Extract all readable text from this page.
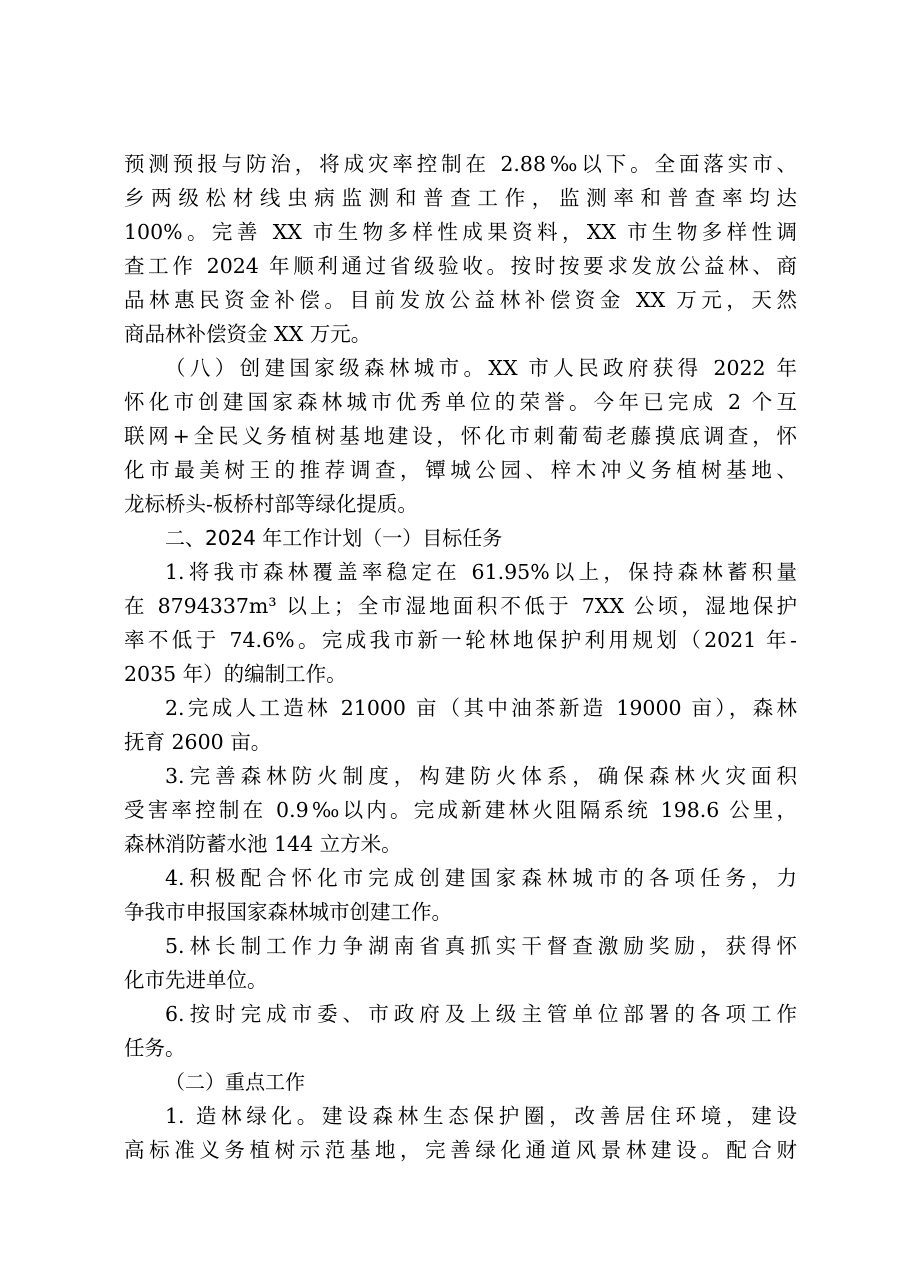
预测预报与防治，将成灾率控制在 2.88‰以下。全面落实市、
乡两级松材线虫病监测和普查工作，监测率和普查率均达
100%。完善 XX 市生物多样性成果资料，XX 市生物多样性调
查工作 2024 年顺利通过省级验收。按时按要求发放公益林、商
品林惠民资金补偿。目前发放公益林补偿资金 XX 万元，天然
商品林补偿资金 XX 万元。
（八）创建国家级森林城市。XX 市人民政府获得 2022 年
怀化市创建国家森林城市优秀单位的荣誉。今年已完成 2 个互
联网+全民义务植树基地建设，怀化市刺葡萄老藤摸底调查，怀
化市最美树王的推荐调查，镡城公园、梓木冲义务植树基地、
龙标桥头-板桥村部等绿化提质。
二、2024 年工作计划（一）目标任务
1.将我市森林覆盖率稳定在 61.95%以上，保持森林蓄积量
在 8794337m³ 以上；全市湿地面积不低于 7XX 公顷，湿地保护
率不低于 74.6%。完成我市新一轮林地保护利用规划（2021 年-
2035 年）的编制工作。
2.完成人工造林 21000 亩（其中油茶新造 19000 亩），森林
抚育 2600 亩。
3.完善森林防火制度，构建防火体系，确保森林火灾面积
受害率控制在 0.9‰以内。完成新建林火阻隔系统 198.6 公里，
森林消防蓄水池 144 立方米。
4.积极配合怀化市完成创建国家森林城市的各项任务，力
争我市申报国家森林城市创建工作。
5.林长制工作力争湖南省真抓实干督查激励奖励，获得怀
化市先进单位。
6.按时完成市委、市政府及上级主管单位部署的各项工作
任务。
（二）重点工作
1. 造林绿化。建设森林生态保护圈，改善居住环境，建设
高标准义务植树示范基地，完善绿化通道风景林建设。配合财
